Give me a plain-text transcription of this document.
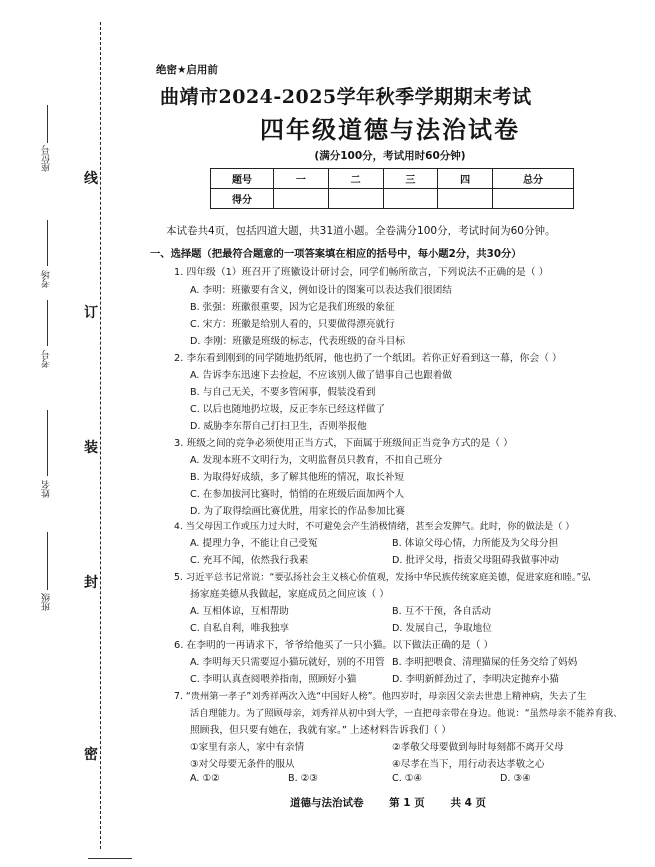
线
订
装
封
密
座位号
考场
考号
姓名
班级
绝密★启用前
曲靖市2024-2025学年秋季学期期末考试
四年级道德与法治试卷
(满分100分，考试用时60分钟)
题号	一	二	三	四	总分
得分					
本试卷共4页，包括四道大题，共31道小题。全卷满分100分，考试时间为60分钟。
一、选择题（把最符合题意的一项答案填在相应的括号中，每小题2分，共30分）
1. 四年级（1）班召开了班徽设计研讨会，同学们畅所欲言，下列说法不正确的是（ ）
A. 李明：班徽要有含义，例如设计的图案可以表达我们很团结
B. 张强：班徽很重要，因为它是我们班级的象征
C. 宋方：班徽是给别人看的，只要做得漂亮就行
D. 李刚：班徽是班级的标志，代表班级的奋斗目标
2. 李东看到刚到的同学随地扔纸屑，他也扔了一个纸团。若你正好看到这一幕，你会（ ）
A. 告诉李东迅速下去捡起，不应该别人做了错事自己也跟着做
B. 与自己无关，不要多管闲事，假装没看到
C. 以后也随地扔垃圾，反正李东已经这样做了
D. 威胁李东帮自己打扫卫生，否则举报他
3. 班级之间的竞争必须使用正当方式，下面属于班级间正当竞争方式的是（ ）
A. 发现本班不文明行为，文明监督员只教育，不扣自己班分
B. 为取得好成绩，多了解其他班的情况，取长补短
C. 在参加拔河比赛时，悄悄的在班级后面加两个人
D. 为了取得绘画比赛优胜，用家长的作品参加比赛
4. 当父母因工作或压力过大时，不可避免会产生消极情绪，甚至会发脾气。此时，你的做法是（ ）
A. 提理力争，不能让自己受冤	B. 体谅父母心情，力所能及为父母分担
C. 充耳不闻，依然我行我素	D. 批评父母，指责父母阻碍我做事冲动
5. 习近平总书记常说：“要弘扬社会主义核心价值观，发扬中华民族传统家庭美德，促进家庭和睦。”弘
扬家庭美德从我做起，家庭成员之间应该（ ）
A. 互相体谅，互相帮助	B. 互不干预，各自活动
C. 自私自利，唯我独享	D. 发展自己，争取地位
6. 在李明的一再请求下，爷爷给他买了一只小猫。以下做法正确的是（ ）
A. 李明每天只需要逗小猫玩就好，别的不用管 B. 李明把喂食、清理猫屎的任务交给了妈妈
C. 李明认真查阅喂养指南，照顾好小猫	D. 李明新鲜劲过了，李明决定抛弃小猫
7. “贵州第一孝子”刘秀祥两次入选“中国好人榜”。他四岁时，母亲因父亲去世患上精神病，失去了生
活自理能力。为了照顾母亲，刘秀祥从初中到大学，一直把母亲带在身边。他说：“虽然母亲不能养育我、
照顾我，但只要有她在，我就有家。” 上述材料告诉我们（ ）
①家里有亲人，家中有亲情	②孝敬父母要做到每时每刻都不离开父母
③对父母要无条件的服从	④尽孝在当下，用行动表达孝敬之心
A. ①②	B. ②③	C. ①④	D. ③④
道德与法治试卷 第 1 页 共 4 页
